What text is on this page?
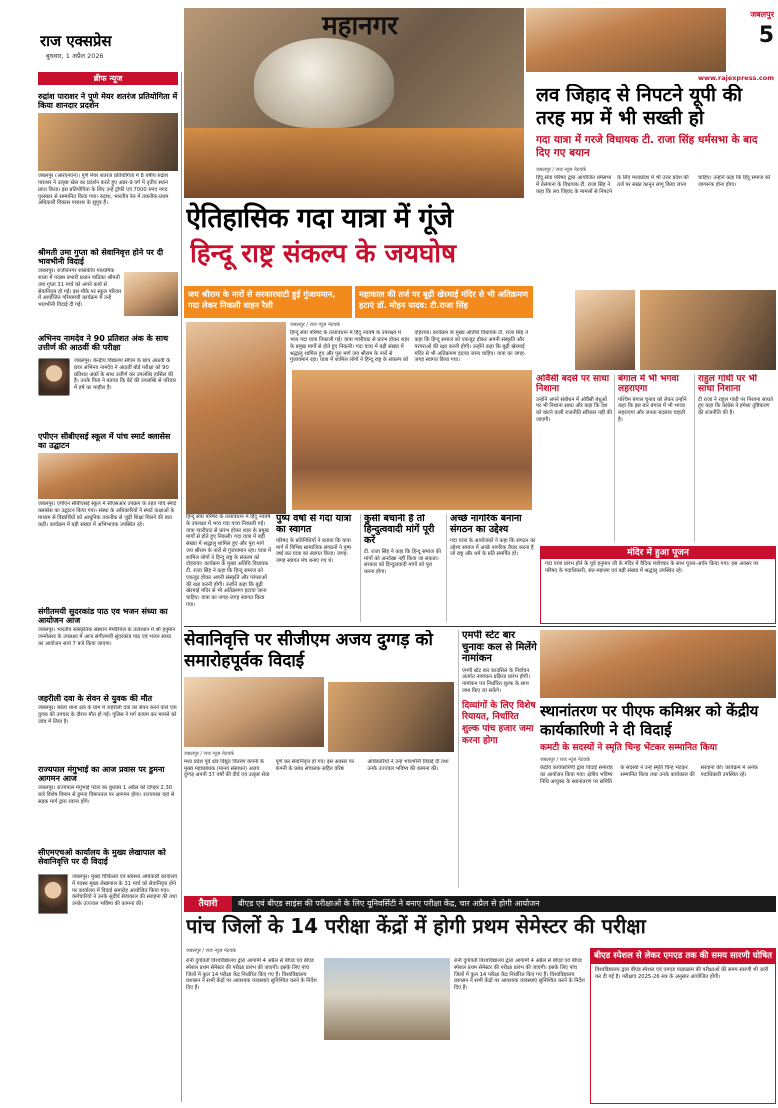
राज एक्सप्रेस
बुधवार, 1 अप्रैल 2026
ब्रीफ न्यूज
रुद्रांश पाराशर ने पुणे मेयर शतरंज प्रतियोगिता में किया शानदार प्रदर्शन
जबलपुर (आरएनएन)। पुणे मेयर शतरंज प्रतियोगिता में 8 वर्षीय रुद्रांश पाराशर ने उत्कृष्ट खेल का प्रदर्शन करते हुए अंडर-9 वर्ग में तृतीय स्थान प्राप्त किया। इस प्रतियोगिता के लिए उन्हें ट्रॉफी एवं 7000 रुपए नगद पुरस्कार से सम्मानित किया गया। रुद्रांश, भारतीय रेल में तकनीक-प्रथम अधिकारी विकास पाराशर के सुपुत्र हैं।
श्रीमती उमा गुप्ता को सेवानिवृत्त होने पर दी भावभीनी विदाई
जबलपुर। राजीवनगर शासकीय माध्यमिक शाला में पदस्थ प्रभारी प्रधान पाठिका श्रीमती उमा गुप्ता 31 मार्च को अपने कार्य से सेवानिवृत्त हो गईं। इस मौके पर स्कूल परिवार में आयोजित गरिमामयी कार्यक्रम में उन्हें भावभीनी विदाई दी गई।
अभिनय नामदेव ने 90 प्रतिशत अंक के साथ उत्तीर्ण की आठवीं की परीक्षा
जबलपुर। केन्द्रीय विद्यालय सीएम के छात्र आठवीं के छात्र अभिनय नामदेव ने आठवीं बोर्ड परीक्षा को 90 प्रतिशत अंकों के साथ उत्तीर्ण कर उपलब्धि हासिल की है। उनके पिता ने बताया कि बेटे की उपलब्धि से परिवार में हर्ष का माहौल है।
एपीएन सीबीएसई स्कूल में पांच स्मार्ट क्लासेस का उद्घाटन
जबलपुर। एपीएन सीबीएसई स्कूल में सीएसआर उपक्रम के तहत पांच स्मार्ट क्लासेस का उद्घाटन किया गया। संस्था के अधिकारियों ने स्मार्ट कक्षाओं के माध्यम से विद्यार्थियों को आधुनिक तकनीक से जुड़ी शिक्षा मिलने की बात कही। कार्यक्रम में बड़ी संख्या में अभिभावक उपस्थित रहे।
संगीतमयी सुदरकांड पाठ एव भजन संध्या का आयोजन आज
जबलपुर। भारतीय सांस्कृतिक संस्थान मेमोरियल के तत्वाधान में श्री हनुमान जन्मोत्सव के उपलक्ष्य में आज संगीतमयी सुंदरकांड पाठ एवं भजन संध्या का आयोजन सायं 7 बजे किया जाएगा।
जहरीली दवा के सेवन से युवक की मौत
जबलपुर। बरेला थाना क्षेत्र के ग्राम में जहरीली दवा का सेवन करने वाले एक युवक की उपचार के दौरान मौत हो गई। पुलिस ने मर्ग कायम कर मामले को जांच में लिया है।
राज्यपाल मंगुभाई का आज प्रवास पर डुमना आगमन आज
जबलपुर। राज्यपाल मंगुभाई पटेल का बुधवार 1 अप्रैल को दोपहर 2.30 बजे विशेष विमान से डुमना विमानतल पर आगमन होगा। राज्यपाल यहां से सड़क मार्ग द्वारा रवाना होंगे।
सीएमएचओ कार्यालय के मुख्य लेखापाल को सेवानिवृत्ति पर दी विदाई
जबलपुर। मुख्य चिकित्सा एवं स्वास्थ्य अधिकारी कार्यालय में पदस्थ मुख्य लेखापाल के 31 मार्च को सेवानिवृत्त होने पर कार्यालय में विदाई समारोह आयोजित किया गया। कर्मचारियों ने उनके सुदीर्घ सेवाकाल की सराहना की तथा उनके उज्ज्वल भविष्य की कामना की।
महानगर	जबलपुर
5
www.rajexpress.com
लव जिहाद से निपटने यूपी की तरह मप्र में भी सख्ती हो
गदा यात्रा में गरजे विधायक टी. राजा सिंह धर्मसभा के बाद दिए गए बयान
जबलपुर / राज न्यूज नेटवर्क
हिंदू सेवा परिषद द्वारा आयोजित धर्मसभा में तेलंगाना के विधायक टी. राजा सिंह ने कहा कि लव जिहाद के मामलों से निपटने के लिए मध्यप्रदेश में भी उत्तर प्रदेश की तर्ज पर सख्त कानून लागू किया जाना चाहिए। उन्होंने कहा कि हिंदू समाज को जागरूक होना होगा।
ऐतिहासिक गदा यात्रा में गूंजे
हिन्दू राष्ट्र संकल्प के जयघोष
जय श्रीराम के नारों से सरकारघाटी हुई गुंजायमान, गदा लेकर निकली वाहन रैली
महाकाल की तर्ज पर बूढ़ी खेरमाई मंदिर से भी अतिक्रमण हटाएं डॉ. मोहन यादव: टी.राजा सिंह
जबलपुर / राज न्यूज नेटवर्क
हिन्दू सेवा परिषद के तत्वावधान में हिंदू नववर्ष के उपलक्ष्य में भव्य गदा यात्रा निकाली गई। यात्रा ग्वारीघाट से प्रारंभ होकर शहर के प्रमुख मार्गों से होते हुए निकली। गदा यात्रा में बड़ी संख्या में श्रद्धालु शामिल हुए और पूरा मार्ग जय श्रीराम के नारों से गुंजायमान रहा। यात्रा में शामिल लोगों ने हिन्दू राष्ट्र के संकल्प को दोहराया। कार्यक्रम के मुख्य अतिथि विधायक टी. राजा सिंह ने कहा कि हिन्दू समाज को एकजुट होकर अपनी संस्कृति और परंपराओं की रक्षा करनी होगी। उन्होंने कहा कि बूढ़ी खेरमाई मंदिर से भी अतिक्रमण हटाया जाना चाहिए। यात्रा का जगह-जगह स्वागत किया गया।
ओवैसी बदर्स पर साधा निशाना
उन्होंने अपने संबोधन में ओवैसी बंधुओं पर भी निशाना साधा और कहा कि देश को बांटने वाली राजनीति स्वीकार नहीं की जाएगी।
बंगाल में भी भगवा लहराएगा
पश्चिम बंगाल चुनाव को लेकर उन्होंने कहा कि इस बार बंगाल में भी भगवा लहराएगा और जनता बदलाव चाहती है।
राहुल गांधी पर भी साधा निशाना
टी राजा ने राहुल गांधी पर निशाना साधते हुए कहा कि कांग्रेस ने हमेशा तुष्टिकरण की राजनीति की है।
पुष्प वर्षा से गदा यात्रा का स्वागत
परिषद के प्रतिनिधियों ने बताया कि यात्रा मार्ग में विभिन्न सामाजिक संगठनों ने पुष्प वर्षा कर यात्रा का स्वागत किया। जगह-जगह स्वागत मंच बनाए गए थे।
कुर्सी बचानी है तो हिन्दुत्ववादी मांगें पूरी करें
टी. राजा सिंह ने कहा कि हिन्दू समाज की मांगों को अनदेखा नहीं किया जा सकता। सरकार को हिन्दुत्ववादी मांगों को पूरा करना होगा।
अच्छे नागरिक बनाना संगठन का उद्देश्य
गदा यात्रा के आयोजकों ने कहा कि संगठन का उद्देश्य समाज में अच्छे नागरिक तैयार करना है जो राष्ट्र और धर्म के प्रति समर्पित हों।
हिन्दू सेवा परिषद के तत्वावधान में हिंदू नववर्ष के उपलक्ष्य में भव्य गदा यात्रा निकाली गई। यात्रा ग्वारीघाट से प्रारंभ होकर शहर के प्रमुख मार्गों से होते हुए निकली। गदा यात्रा में बड़ी संख्या में श्रद्धालु शामिल हुए और पूरा मार्ग जय श्रीराम के नारों से गुंजायमान रहा। यात्रा में शामिल लोगों ने हिन्दू राष्ट्र के संकल्प को दोहराया। कार्यक्रम के मुख्य अतिथि विधायक टी. राजा सिंह ने कहा कि हिन्दू समाज को एकजुट होकर अपनी संस्कृति और परंपराओं की रक्षा करनी होगी। उन्होंने कहा कि बूढ़ी खेरमाई मंदिर से भी अतिक्रमण हटाया जाना चाहिए। यात्रा का जगह-जगह स्वागत किया गया।
मंदिर में हुआ पूजन
गदा यात्रा प्रारंभ होने के पूर्व हनुमान जी के मंदिर में वैदिक मंत्रोच्चार के साथ पूजन-अर्चन किया गया। इस अवसर पर परिषद के पदाधिकारी, संत-महात्मा एवं बड़ी संख्या में श्रद्धालु उपस्थित रहे।
सेवानिवृत्ति पर सीजीएम अजय दुग्गड़ को समारोहपूर्वक विदाई
जबलपुर / राज न्यूज नेटवर्क
मध्य प्रदेश पूर्व क्षेत्र विद्युत वितरण कंपनी के मुख्य महाप्रबंधक (मानव संसाधन) अजय दुग्गड़ अपनी 37 वर्षों की दीर्घ एवं उत्कृष्ट सेवा पूर्ण कर सेवानिवृत्त हो गए। इस अवसर पर कंपनी के प्रबंध संचालक सहित वरिष्ठ अधिकारियों ने उन्हें भावभीनी विदाई दी तथा उनके उज्ज्वल भविष्य की कामना की।
एमपी स्टेट बार चुनावः कल से मिलेंगे नामांकन
एमपी स्टेट बार काउंसिल के निर्वाचन अंतर्गत नामांकन प्रक्रिया प्रारंभ होगी। नामांकन पत्र निर्धारित शुल्क के साथ जमा किए जा सकेंगे।
दिव्यांगों के लिए विशेष रियायत, निर्धारित शुल्क पांच हजार जमा करना होगा
स्थानांतरण पर पीएफ कमिश्नर को केंद्रीय कार्यकारिणी ने दी विदाई
कमटी के सदस्यों ने स्मृति चिन्ह भेंटकर सम्मानित किया
जबलपुर / राज न्यूज नेटवर्क
केंद्रीय कार्यकारिणी द्वारा विदाई समारोह का आयोजन किया गया। क्षेत्रीय भविष्य निधि आयुक्त के स्थानांतरण पर समिति के सदस्यों ने उन्हें स्मृति चिन्ह भेंटकर सम्मानित किया तथा उनके कार्यकाल की सराहना की। कार्यक्रम में अनेक पदाधिकारी उपस्थित रहे।
तैयारी	बीएड एवं बीएड साइंस की परीक्षाओं के लिए यूनिवर्सिटी ने बनाए परीक्षा केंद्र, चार अप्रैल से होगी आयोजन
पांच जिलों के 14 परीक्षा केंद्रों में होगी प्रथम सेमेस्टर की परीक्षा
जबलपुर / राज न्यूज नेटवर्क
रानी दुर्गावती विश्वविद्यालय द्वारा आगामी 4 अप्रैल से बीएड एवं बीएड स्पेशल प्रथम सेमेस्टर की परीक्षा प्रारंभ की जाएगी। इसके लिए पांच जिलों में कुल 14 परीक्षा केंद्र निर्धारित किए गए हैं। विश्वविद्यालय प्रशासन ने सभी केंद्रों पर आवश्यक व्यवस्थाएं सुनिश्चित करने के निर्देश दिए हैं।
रानी दुर्गावती विश्वविद्यालय द्वारा आगामी 4 अप्रैल से बीएड एवं बीएड स्पेशल प्रथम सेमेस्टर की परीक्षा प्रारंभ की जाएगी। इसके लिए पांच जिलों में कुल 14 परीक्षा केंद्र निर्धारित किए गए हैं। विश्वविद्यालय प्रशासन ने सभी केंद्रों पर आवश्यक व्यवस्थाएं सुनिश्चित करने के निर्देश दिए हैं।
बीएड स्पेशल से लेकर एमएड तक की समय सारणी घोषित
विश्वविद्यालय द्वारा बीएड स्पेशल एवं एमएड पाठ्यक्रम की परीक्षाओं की समय सारणी भी जारी कर दी गई है। परीक्षाएं 2025-26 सत्र के अनुसार आयोजित होंगी।
